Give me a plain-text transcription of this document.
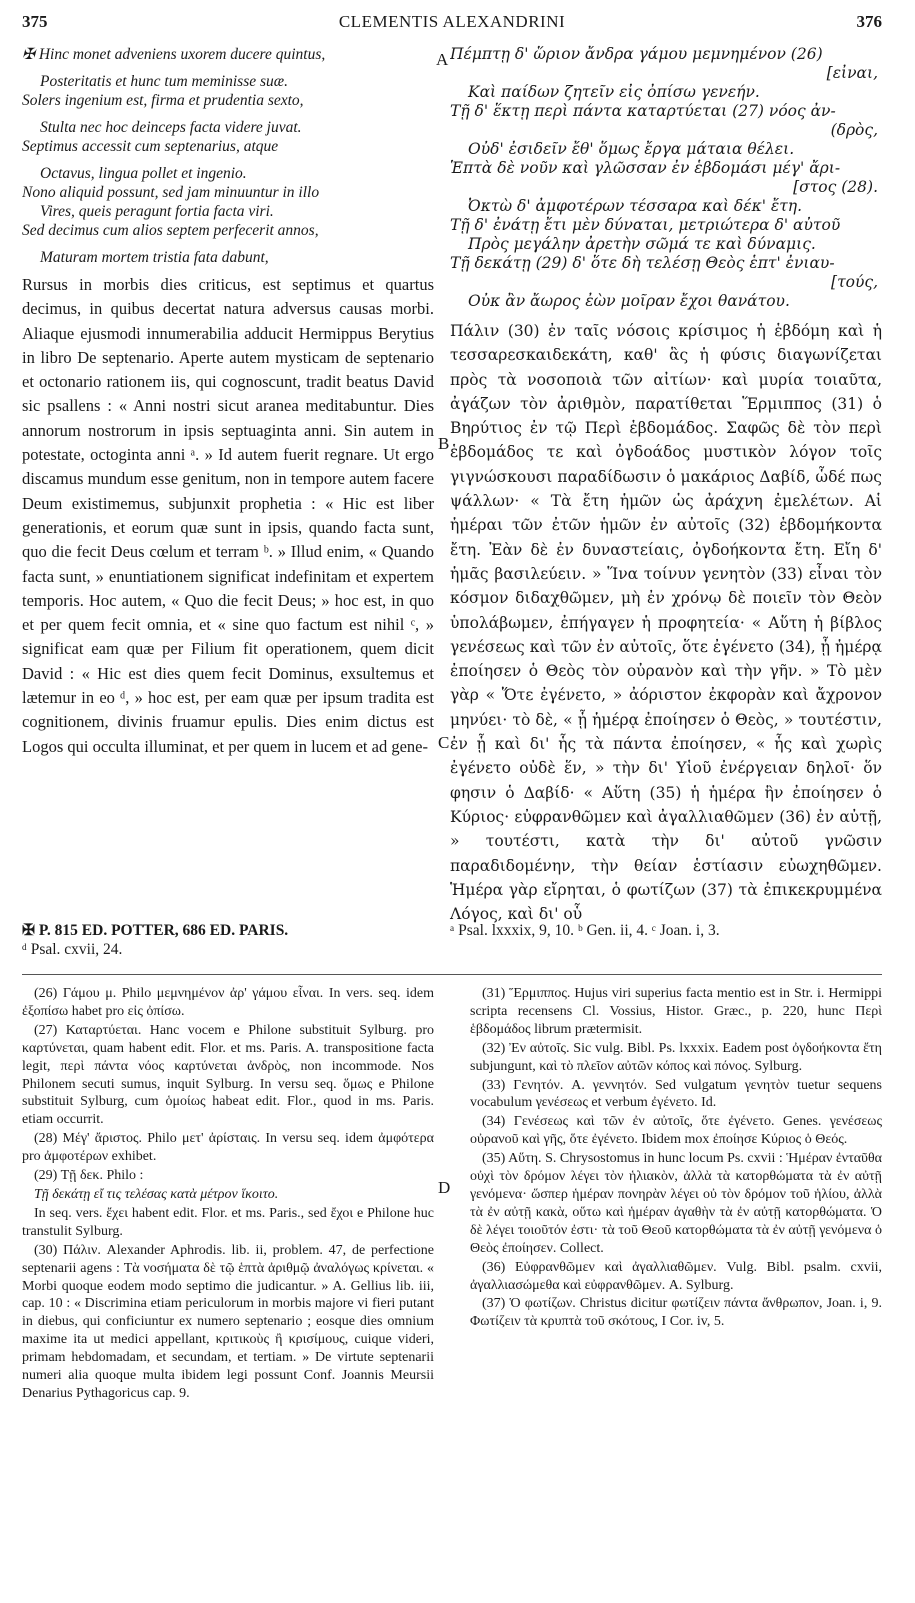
375	CLEMENTIS ALEXANDRINI	376
✠ Hinc monet adveniens uxorem ducere quintus,
Posteritatis et hunc tum meminisse suæ.
Solers ingenium est, firma et prudentia sexto,
Stulta nec hoc deinceps facta videre juvat.
Septimus accessit cum septenarius, atque
Octavus, lingua pollet et ingenio.
Nono aliquid possunt, sed jam minuuntur in illo
Vires, queis peragunt fortia facta viri.
Sed decimus cum alios septem perfecerit annos,
Maturam mortem tristia fata dabunt,

Rursus in morbis dies criticus, est septimus et quartus decimus, in quibus decertat natura adversus causas morbi. Aliaque ejusmodi innumerabilia adducit Hermippus Berytius in libro De septenario. Aperte autem mysticam de septenario et octonario rationem iis, qui cognoscunt, tradit beatus David sic psallens : « Anni nostri sicut aranea meditabuntur. Dies annorum nostrorum in ipsis septuaginta anni. Sin autem in potestate, octoginta anni ᵃ. » Id autem fuerit regnare. Ut ergo discamus mundum esse genitum, non in tempore autem facere Deum existimemus, subjunxit prophetia : « Hic est liber generationis, et eorum quæ sunt in ipsis, quando facta sunt, quo die fecit Deus cœlum et terram ᵇ. » Illud enim, « Quando facta sunt, » enuntiationem significat indefinitam et expertem temporis. Hoc autem, « Quo die fecit Deus; » hoc est, in quo et per quem fecit omnia, et « sine quo factum est nihil ᶜ, » significat eam quæ per Filium fit operationem, quem dicit David : « Hic est dies quem fecit Dominus, exsultemus et lætemur in eo ᵈ, » hoc est, per eam quæ per ipsum tradita est cognitionem, divinis fruamur epulis. Dies enim dictus est Logos qui occulta illuminat, et per quem in lucem et ad gene-

Πέμπτῃ δ' ὥριον ἄνδρα γάμου μεμνημένον (26)
[εἶναι,
Καὶ παίδων ζητεῖν εἰς ὀπίσω γενεήν.
Τῇ δ' ἕκτῃ περὶ πάντα καταρτύεται (27) νόος ἀν-
(δρὸς,
Οὐδ' ἐσιδεῖν ἔθ' ὅμως ἔργα μάταια θέλει.
Ἑπτὰ δὲ νοῦν καὶ γλῶσσαν ἐν ἑβδομάσι μέγ' ἄρι-
[στος (28).
Ὀκτὼ δ' ἀμφοτέρων τέσσαρα καὶ δέκ' ἔτη.
Τῇ δ' ἐνάτῃ ἔτι μὲν δύναται, μετριώτερα δ' αὐτοῦ
Πρὸς μεγάλην ἀρετὴν σῶμά τε καὶ δύναμις.
Τῇ δεκάτῃ (29) δ' ὅτε δὴ τελέσῃ Θεὸς ἑπτ' ἐνιαυ-
[τούς,
Οὐκ ἂν ἄωρος ἐὼν μοῖραν ἔχοι θανάτου.

Πάλιν (30) ἐν ταῖς νόσοις κρίσιμος ἡ ἑβδόμη καὶ ἡ τεσσαρεσκαιδεκάτη, καθ' ἃς ἡ φύσις διαγωνίζεται πρὸς τὰ νοσοποιὰ τῶν αἰτίων· καὶ μυρία τοιαῦτα, ἀγάζων τὸν ἀριθμὸν, παρατίθεται Ἕρμιππος (31) ὁ Βηρύτιος ἐν τῷ Περὶ ἑβδομάδος. Σαφῶς δὲ τὸν περὶ ἑβδομάδος τε καὶ ὀγδοάδος μυστικὸν λόγον τοῖς γιγνώσκουσι παραδίδωσιν ὁ μακάριος Δαβίδ, ὧδέ πως ψάλλων· « Τὰ ἔτη ἡμῶν ὡς ἀράχνη ἐμελέτων. Αἱ ἡμέραι τῶν ἐτῶν ἡμῶν ἐν αὐτοῖς (32) ἑβδομήκοντα ἔτη. Ἐὰν δὲ ἐν δυναστείαις, ὀγδοήκοντα ἔτη. Εἴη δ' ἡμᾶς βασιλεύειν. » Ἵνα τοίνυν γενητὸν (33) εἶναι τὸν κόσμον διδαχθῶμεν, μὴ ἐν χρόνῳ δὲ ποιεῖν τὸν Θεὸν ὑπολάβωμεν, ἐπήγαγεν ἡ προφητεία· « Αὕτη ἡ βίβλος γενέσεως καὶ τῶν ἐν αὐτοῖς, ὅτε ἐγένετο (34), ᾗ ἡμέρᾳ ἐποίησεν ὁ Θεὸς τὸν οὐρανὸν καὶ τὴν γῆν. » Τὸ μὲν γὰρ « Ὅτε ἐγένετο, » ἀόριστον ἐκφορὰν καὶ ἄχρονον μηνύει· τὸ δὲ, « ᾗ ἡμέρᾳ ἐποίησεν ὁ Θεὸς, » τουτέστιν, ἐν ᾗ καὶ δι' ἧς τὰ πάντα ἐποίησεν, « ἧς καὶ χωρὶς ἐγένετο οὐδὲ ἕν, » τὴν δι' Υἱοῦ ἐνέργειαν δηλοῖ· ὅν φησιν ὁ Δαβίδ· « Αὕτη (35) ἡ ἡμέρα ἣν ἐποίησεν ὁ Κύριος· εὐφρανθῶμεν καὶ ἀγαλλιαθῶμεν (36) ἐν αὐτῇ, » τουτέστι, κατὰ τὴν δι' αὐτοῦ γνῶσιν παραδιδομένην, τὴν θείαν ἑστίασιν εὐωχηθῶμεν. Ἡμέρα γὰρ εἴρηται, ὁ φωτίζων (37) τὰ ἐπικεκρυμμένα Λόγος, καὶ δι' οὗ

A
B
C
D
✠ P. 815 ED. POTTER, 686 ED. PARIS.
ᵈ Psal. cxvii, 24.
ᵃ Psal. lxxxix, 9, 10. ᵇ Gen. ii, 4. ᶜ Joan. i, 3.

(26) Γάμου μ. Philo μεμνημένον ἀρ' γάμου εἶναι. In vers. seq. idem ἐξοπίσω habet pro εἰς ὀπίσω.

(27) Καταρτύεται. Hanc vocem e Philone substituit Sylburg. pro καρτύνεται, quam habent edit. Flor. et ms. Paris. A. transpositione facta legit, περὶ πάντα νόος καρτύνεται ἀνδρὸς, non incommode. Nos Philonem secuti sumus, inquit Sylburg. In versu seq. ὅμως e Philone substituit Sylburg, cum ὁμοίως habeat edit. Flor., quod in ms. Paris. etiam occurrit.

(28) Μέγ' ἄριστος. Philo μετ' ἀρίσταις. In versu seq. idem ἀμφότερα pro ἀμφοτέρων exhibet.

(29) Τῇ δεκ. Philo :

Τῇ δεκάτῃ εἴ τις τελέσας κατὰ μέτρον ἵκοιτο.

In seq. vers. ἔχει habent edit. Flor. et ms. Paris., sed ἔχοι e Philone huc transtulit Sylburg.

(30) Πάλιν. Alexander Aphrodis. lib. ii, problem. 47, de perfectione septenarii agens : Τὰ νοσήματα δὲ τῷ ἑπτὰ ἀριθμῷ ἀναλόγως κρίνεται. « Morbi quoque eodem modo septimo die judicantur. » A. Gellius lib. iii, cap. 10 : « Discrimina etiam periculorum in morbis majore vi fieri putant in diebus, qui conficiuntur ex numero septenario ; eosque dies omnium maxime ita ut medici appellant, κριτικοὺς ἢ κρισίμους, cuique videri, primam hebdomadam, et secundam, et tertiam. » De virtute septenarii numeri alia quoque multa ibidem legi possunt Conf. Joannis Meursii Denarius Pythagoricus cap. 9.

(31) Ἕρμιππος. Hujus viri superius facta mentio est in Str. i. Hermippi scripta recensens Cl. Vossius, Histor. Græc., p. 220, hunc Περὶ ἑβδομάδος librum prætermisit.

(32) Ἐν αὐτοῖς. Sic vulg. Bibl. Ps. lxxxix. Eadem post ὀγδοήκοντα ἔτη subjungunt, καὶ τὸ πλεῖον αὐτῶν κόπος καὶ πόνος. Sylburg.

(33) Γενητόν. A. γεννητόν. Sed vulgatum γενητὸν tuetur sequens vocabulum γενέσεως et verbum ἐγένετο. Id.

(34) Γενέσεως καὶ τῶν ἐν αὐτοῖς, ὅτε ἐγένετο. Genes. γενέσεως οὐρανοῦ καὶ γῆς, ὅτε ἐγένετο. Ibidem mox ἐποίησε Κύριος ὁ Θεός.

(35) Αὕτη. S. Chrysostomus in hunc locum Ps. cxvii : Ἡμέραν ἐνταῦθα οὐχὶ τὸν δρόμον λέγει τὸν ἡλιακὸν, ἀλλὰ τὰ κατορθώματα τὰ ἐν αὐτῇ γενόμενα· ὥσπερ ἡμέραν πονηρὰν λέγει οὐ τὸν δρόμον τοῦ ἡλίου, ἀλλὰ τὰ ἐν αὐτῇ κακὰ, οὕτω καὶ ἡμέραν ἀγαθὴν τὰ ἐν αὐτῇ κατορθώματα. Ὁ δὲ λέγει τοιοῦτόν ἐστι· τὰ τοῦ Θεοῦ κατορθώματα τὰ ἐν αὐτῇ γενόμενα ὁ Θεὸς ἐποίησεν. Collect.

(36) Εὐφρανθῶμεν καὶ ἀγαλλιαθῶμεν. Vulg. Bibl. psalm. cxvii, ἀγαλλιασώμεθα καὶ εὐφρανθῶμεν. A. Sylburg.

(37) Ὁ φωτίζων. Christus dicitur φωτίζειν πάντα ἄνθρωπον, Joan. i, 9. Φωτίζειν τὰ κρυπτὰ τοῦ σκότους, I Cor. iv, 5.
